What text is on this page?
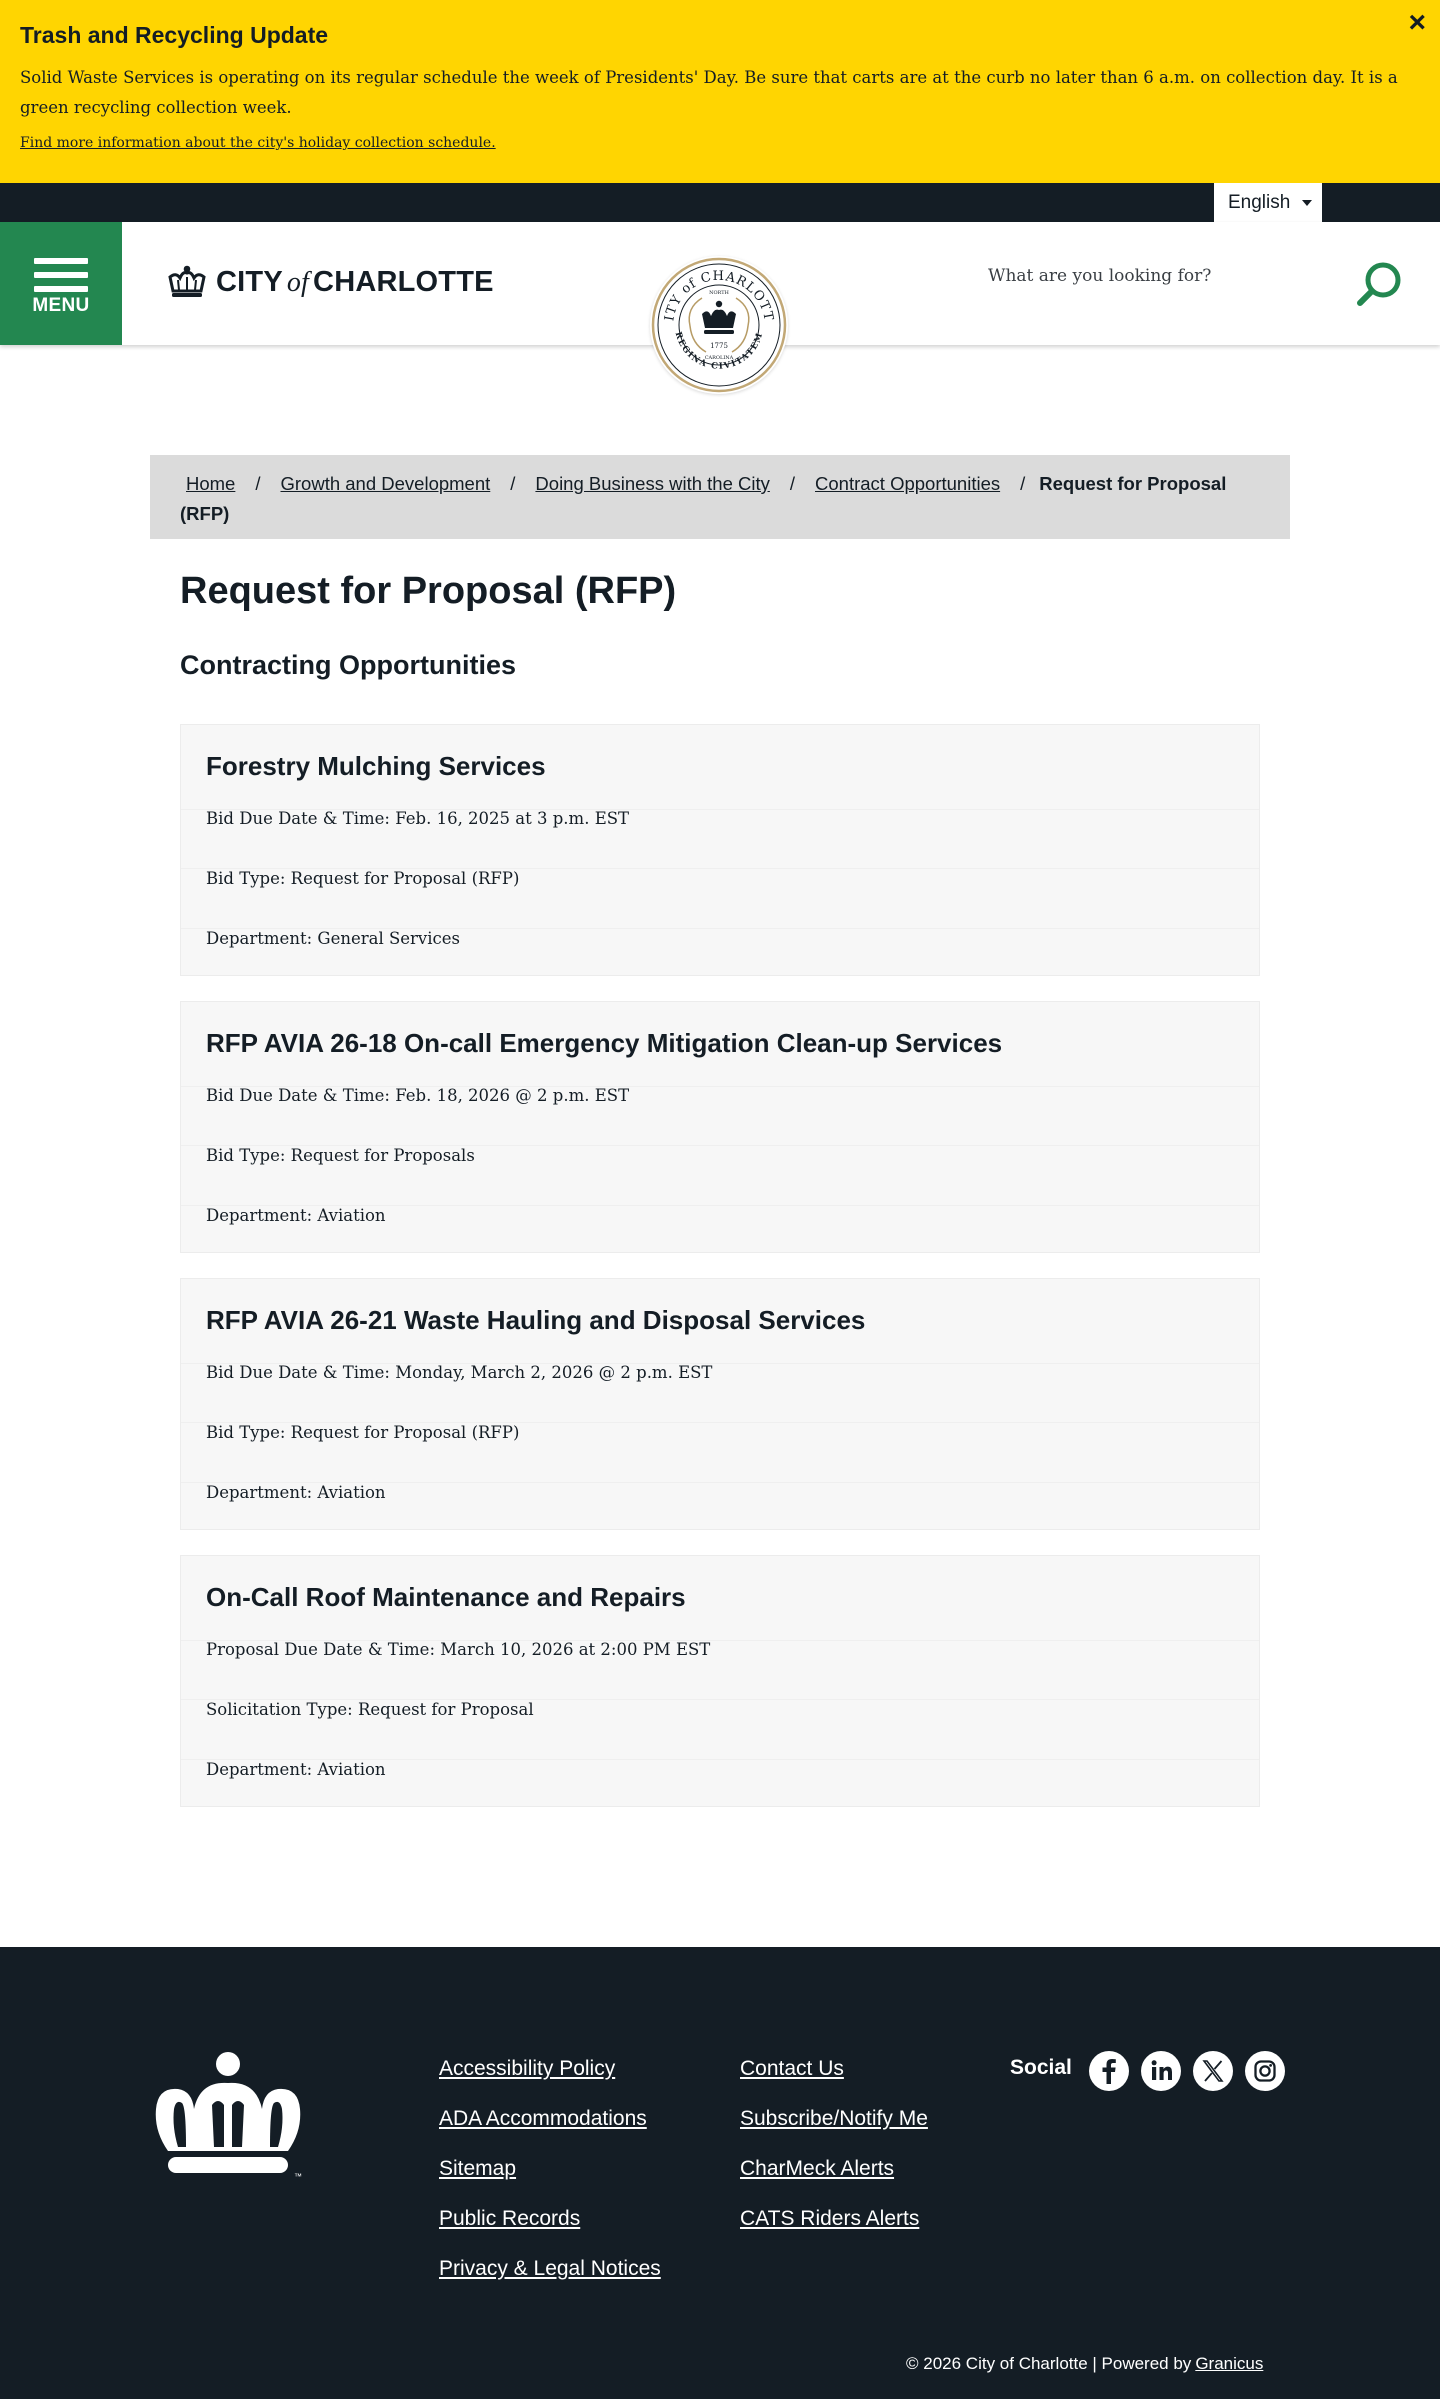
Trash and Recycling Update

Solid Waste Services is operating on its regular schedule the week of Presidents' Day. Be sure that carts are at the curb no later than 6 a.m. on collection day. It is a green recycling collection week.

Find more information about the city's holiday collection schedule.
×
English
MENU
CITY of CHARLOTTE	What are you looking for?
ITY of CHARLOTT
REGINA CIVITATEM
NORTH
CAROLINA
1775
Home / Growth and Development / Doing Business with the City / Contract Opportunities / Request for Proposal (RFP)
Request for Proposal (RFP)
Contracting Opportunities
Forestry Mulching Services
Bid Due Date & Time: Feb. 16, 2025 at 3 p.m. EST
Bid Type: Request for Proposal (RFP)
Department: General Services
RFP AVIA 26-18 On-call Emergency Mitigation Clean-up Services
Bid Due Date & Time: Feb. 18, 2026 @ 2 p.m. EST
Bid Type: Request for Proposals
Department: Aviation
RFP AVIA 26-21 Waste Hauling and Disposal Services
Bid Due Date & Time: Monday, March 2, 2026 @ 2 p.m. EST
Bid Type: Request for Proposal (RFP)
Department: Aviation
On-Call Roof Maintenance and Repairs
Proposal Due Date & Time: March 10, 2026 at 2:00 PM EST
Solicitation Type: Request for Proposal
Department: Aviation
™
Accessibility Policy
ADA Accommodations
Sitemap
Public Records
Privacy & Legal Notices
Contact Us
Subscribe/Notify Me
CharMeck Alerts
CATS Riders Alerts
Social
© 2026 City of Charlotte | Powered by Granicus
